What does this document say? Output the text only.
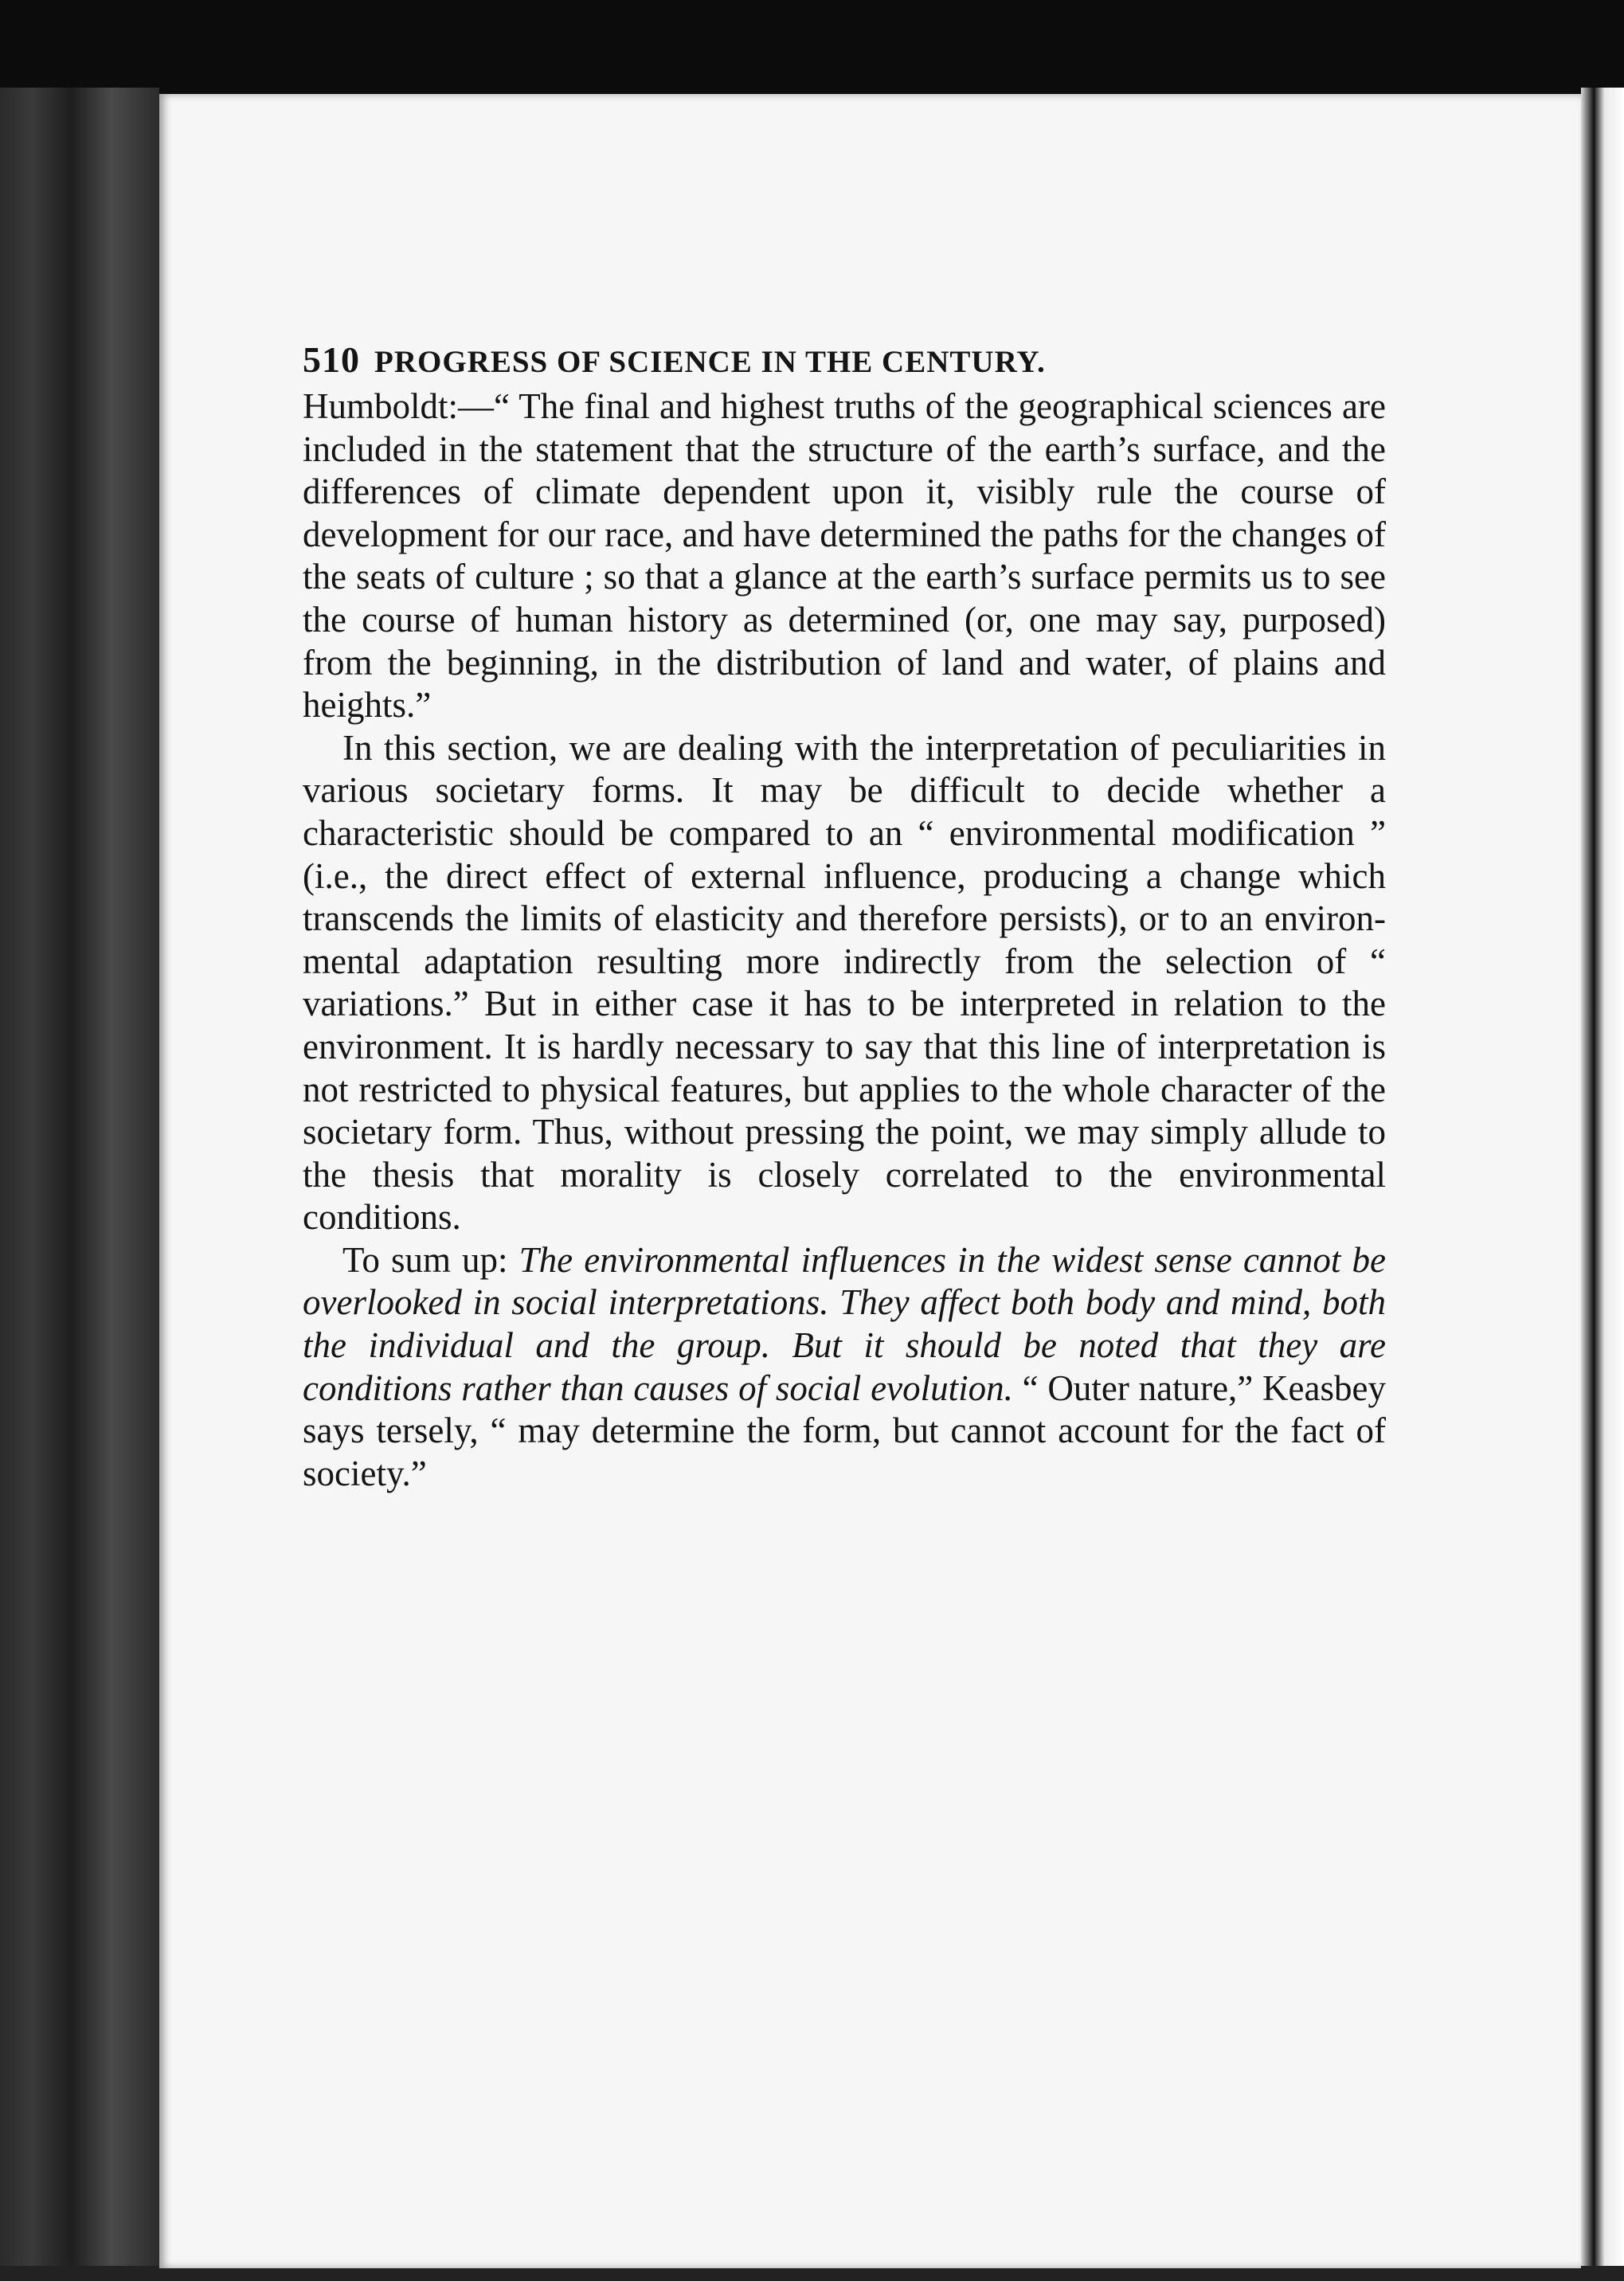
510 PROGRESS OF SCIENCE IN THE CENTURY.

Humboldt:—“ The final and highest truths of the geographical sciences are included in the statement that the structure of the earth’s surface, and the differences of climate dependent upon it, visibly rule the course of development for our race, and have determined the paths for the changes of the seats of culture ; so that a glance at the earth’s surface permits us to see the course of human history as determined (or, one may say, purposed) from the beginning, in the distribution of land and water, of plains and heights.”

In this section, we are dealing with the interpretation of peculiarities in various societary forms. It may be difficult to decide whether a characteristic should be compared to an “ environmental modification ” (i.e., the direct effect of external influence, producing a change which transcends the limits of elasticity and therefore persists), or to an environmental adaptation resulting more indirectly from the selection of “ variations.” But in either case it has to be interpreted in relation to the environment. It is hardly necessary to say that this line of interpretation is not restricted to physical features, but applies to the whole character of the societary form. Thus, without pressing the point, we may simply allude to the thesis that morality is closely correlated to the environmental conditions.

To sum up: The environmental influences in the widest sense cannot be overlooked in social interpretations. They affect both body and mind, both the individual and the group. But it should be noted that they are conditions rather than causes of social evolution. “ Outer nature,” Keasbey says tersely, “ may determine the form, but cannot account for the fact of society.”
